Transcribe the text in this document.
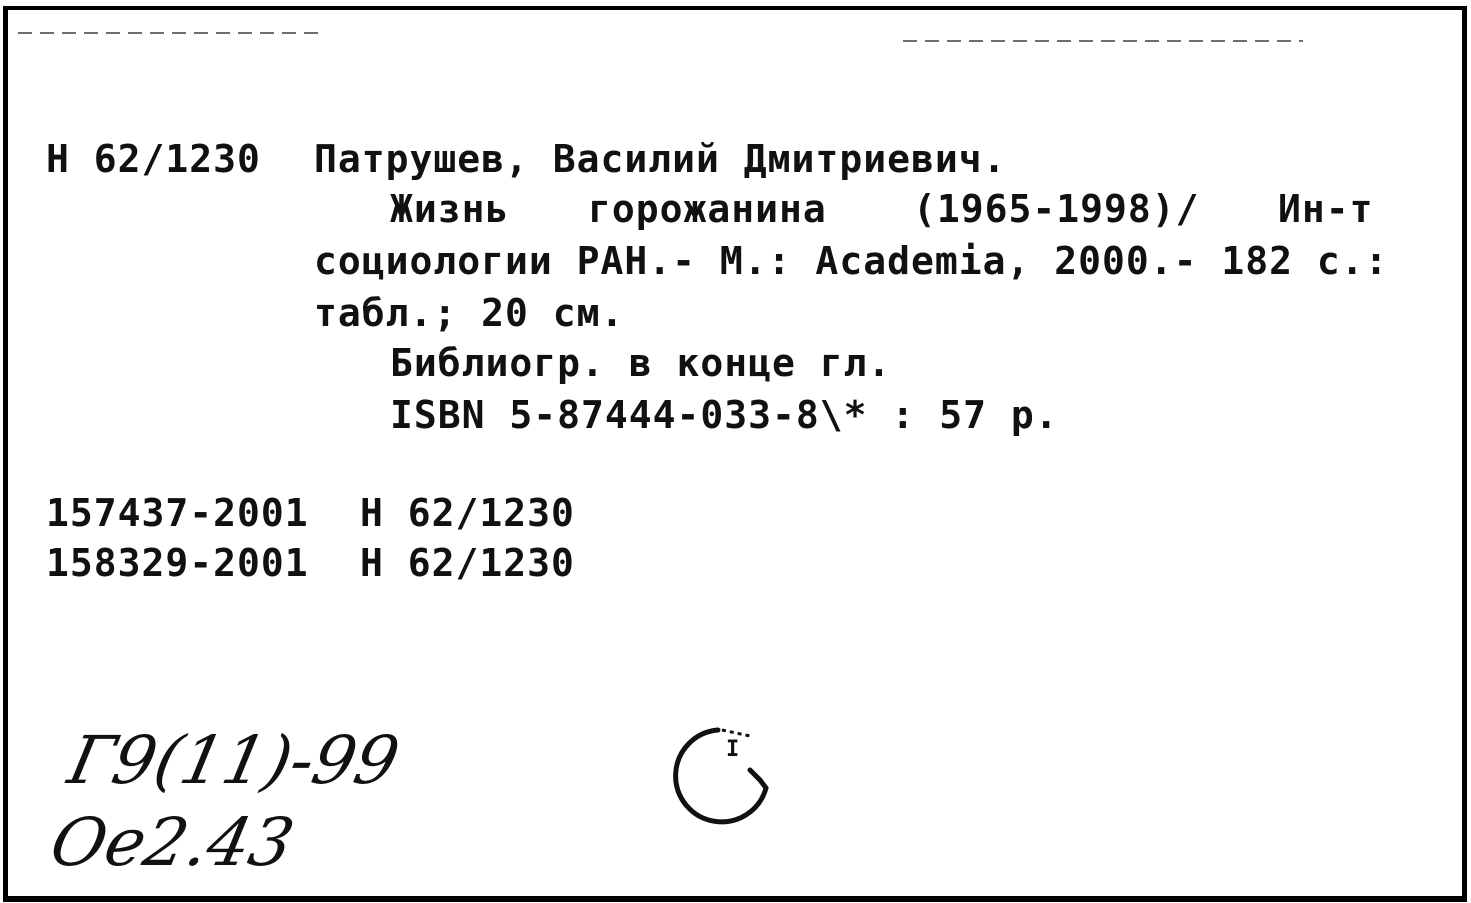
Н 62/1230 Патрушев, Василий Дмитриевич.
Жизнь горожанина (1965-1998)/ Ин-т
социологии РАН.- М.: Academia, 2000.- 182 с.:
табл.; 20 см.
Библиогр. в конце гл.
ISBN 5-87444-033-8\* : 57 р.
157437-2001 Н 62/1230
158329-2001 Н 62/1230
Г9(11)-99
Ое2.43
I
